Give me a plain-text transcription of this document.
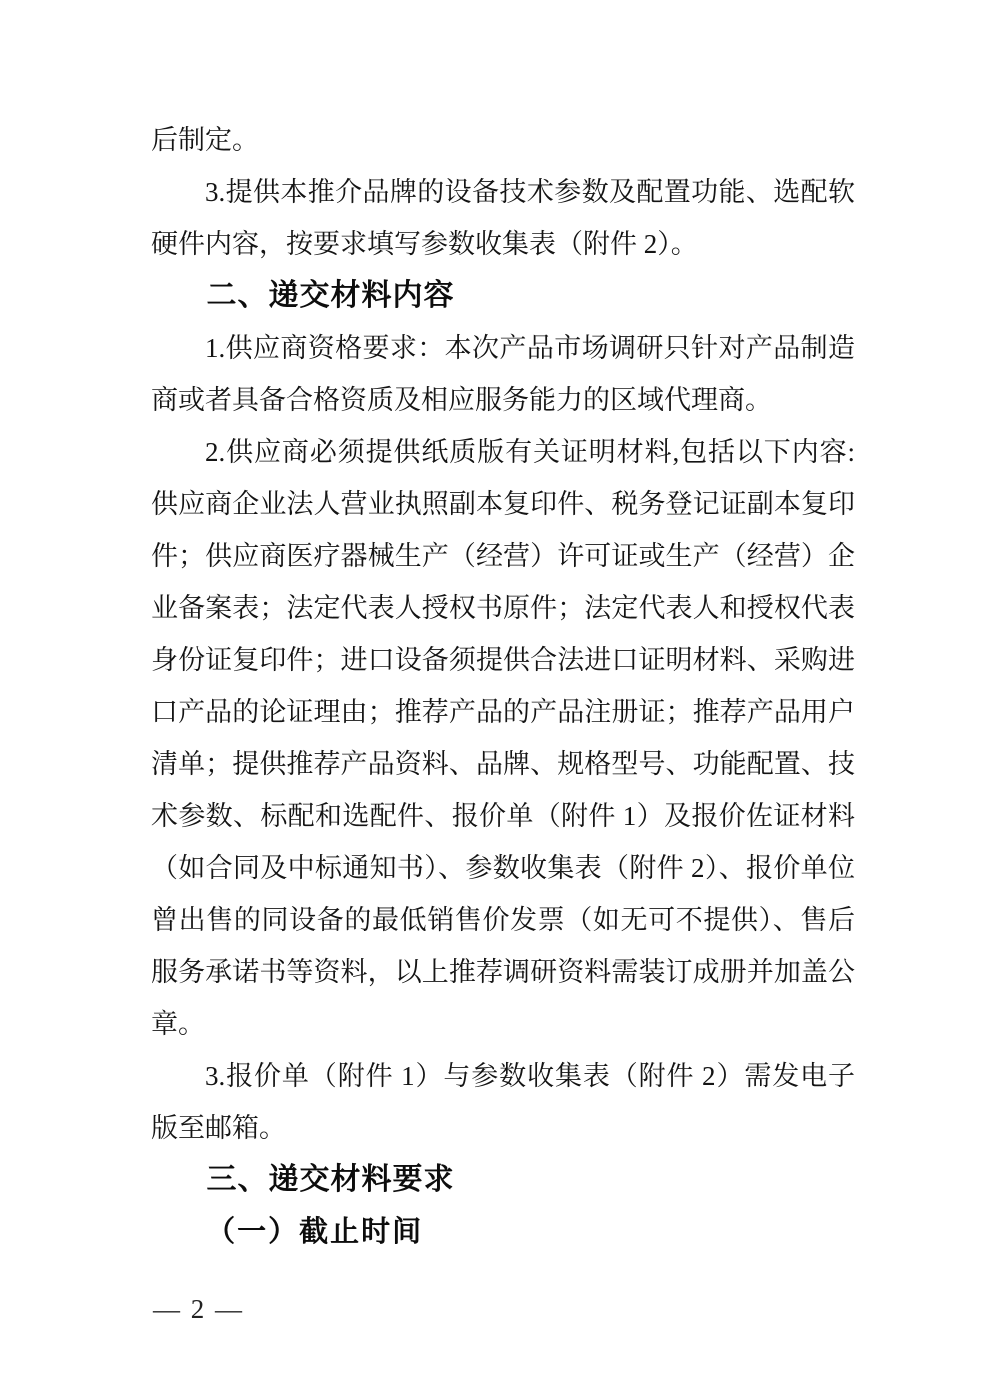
后制定。

3.提供本推介品牌的设备技术参数及配置功能、选配软硬件内容，按要求填写参数收集表（附件 2）。

二、递交材料内容

1.供应商资格要求：本次产品市场调研只针对产品制造商或者具备合格资质及相应服务能力的区域代理商。

2.供应商必须提供纸质版有关证明材料,包括以下内容:供应商企业法人营业执照副本复印件、税务登记证副本复印件；供应商医疗器械生产（经营）许可证或生产（经营）企业备案表；法定代表人授权书原件；法定代表人和授权代表身份证复印件；进口设备须提供合法进口证明材料、采购进口产品的论证理由；推荐产品的产品注册证；推荐产品用户清单；提供推荐产品资料、品牌、规格型号、功能配置、技术参数、标配和选配件、报价单（附件 1）及报价佐证材料（如合同及中标通知书）、参数收集表（附件 2）、报价单位曾出售的同设备的最低销售价发票（如无可不提供）、售后服务承诺书等资料，以上推荐调研资料需装订成册并加盖公章。

3.报价单（附件 1）与参数收集表（附件 2）需发电子版至邮箱。

三、递交材料要求
（一）截止时间
— 2 —
